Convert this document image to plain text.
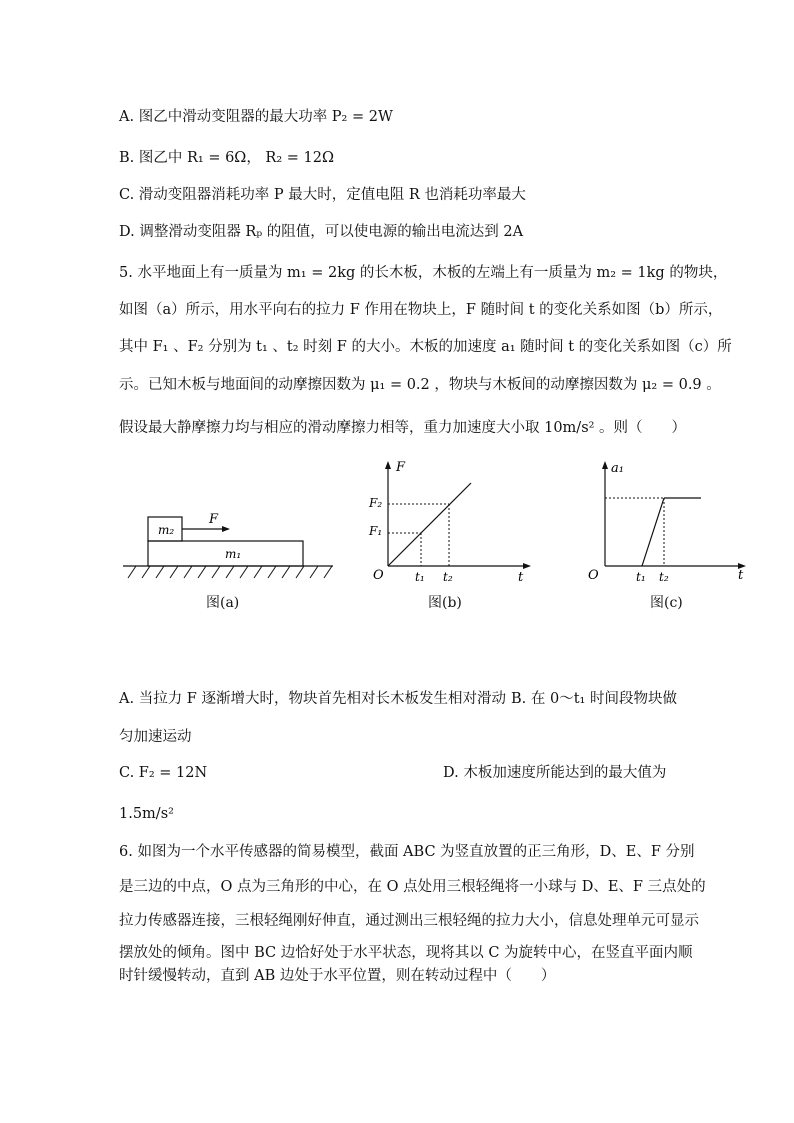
A. 图乙中滑动变阻器的最大功率 P₂ = 2W
B. 图乙中 R₁ = 6Ω， R₂ = 12Ω
C. 滑动变阻器消耗功率 P 最大时，定值电阻 R 也消耗功率最大
D. 调整滑动变阻器 Rₚ 的阻值，可以使电源的输出电流达到 2A
5. 水平地面上有一质量为 m₁ = 2kg 的长木板，木板的左端上有一质量为 m₂ = 1kg 的物块，
如图（a）所示，用水平向右的拉力 F 作用在物块上，F 随时间 t 的变化关系如图（b）所示，
其中 F₁ 、F₂ 分别为 t₁ 、t₂ 时刻 F 的大小。木板的加速度 a₁ 随时间 t 的变化关系如图（c）所
示。已知木板与地面间的动摩擦因数为 μ₁ = 0.2 ，物块与木板间的动摩擦因数为 μ₂ = 0.9 。
假设最大静摩擦力均与相应的滑动摩擦力相等，重力加速度大小取 10m/s² 。则（　　）
m₂
F
m₁
图(a)
F
t
O
F₂
F₁
t₁ t₂
图(b)
a₁
t
O	t₁ t₂
图(c)
A. 当拉力 F 逐渐增大时，物块首先相对长木板发生相对滑动 B. 在 0～t₁ 时间段物块做
匀加速运动
C. F₂ = 12N	D. 木板加速度所能达到的最大值为
1.5m/s²
6. 如图为一个水平传感器的简易模型，截面 ABC 为竖直放置的正三角形，D、E、F 分别
是三边的中点，O 点为三角形的中心，在 O 点处用三根轻绳将一小球与 D、E、F 三点处的
拉力传感器连接，三根轻绳刚好伸直，通过测出三根轻绳的拉力大小，信息处理单元可显示
摆放处的倾角。图中 BC 边恰好处于水平状态，现将其以 C 为旋转中心，在竖直平面内顺
时针缓慢转动，直到 AB 边处于水平位置，则在转动过程中（　　）
